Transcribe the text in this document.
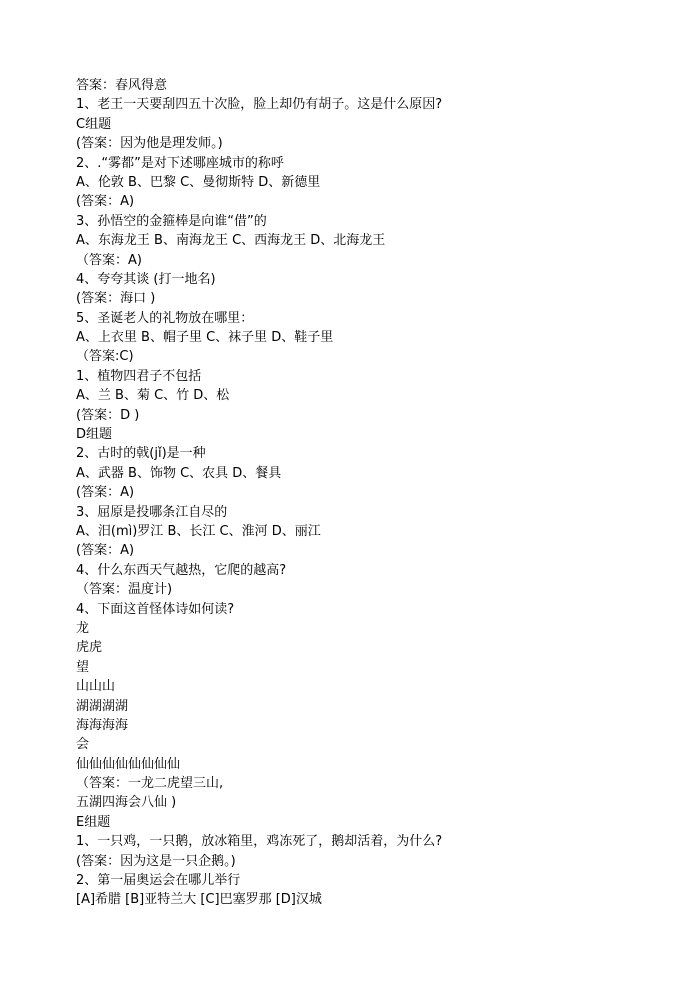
答案：春风得意
1、老王一天要刮四五十次脸，脸上却仍有胡子。这是什么原因?
C组题
(答案：因为他是理发师。)
2、.“雾都”是对下述哪座城市的称呼
A、伦敦 B、巴黎 C、曼彻斯特 D、新德里
(答案：A)
3、孙悟空的金箍棒是向谁“借”的
A、东海龙王 B、南海龙王 C、西海龙王 D、北海龙王
（答案：A)
4、夸夸其谈 (打一地名)
(答案：海口 )
5、圣诞老人的礼物放在哪里：
A、上衣里 B、帽子里 C、袜子里 D、鞋子里
（答案:C)
1、植物四君子不包括
A、兰 B、菊 C、竹 D、松
(答案：D )
D组题
2、古时的戟(jǐ)是一种
A、武器 B、饰物 C、农具 D、餐具
(答案：A)
3、屈原是投哪条江自尽的
A、汨(mì)罗江 B、长江 C、淮河 D、丽江
(答案：A)
4、什么东西天气越热，它爬的越高?
（答案：温度计)
4、下面这首怪体诗如何读?
龙
虎虎
望
山山山
湖湖湖湖
海海海海
会
仙仙仙仙仙仙仙仙
（答案：一龙二虎望三山,
五湖四海会八仙 )
E组题
1、一只鸡，一只鹅，放冰箱里，鸡冻死了，鹅却活着，为什么?
(答案：因为这是一只企鹅。)
2、第一届奥运会在哪儿举行
[A]希腊 [B]亚特兰大 [C]巴塞罗那 [D]汉城
